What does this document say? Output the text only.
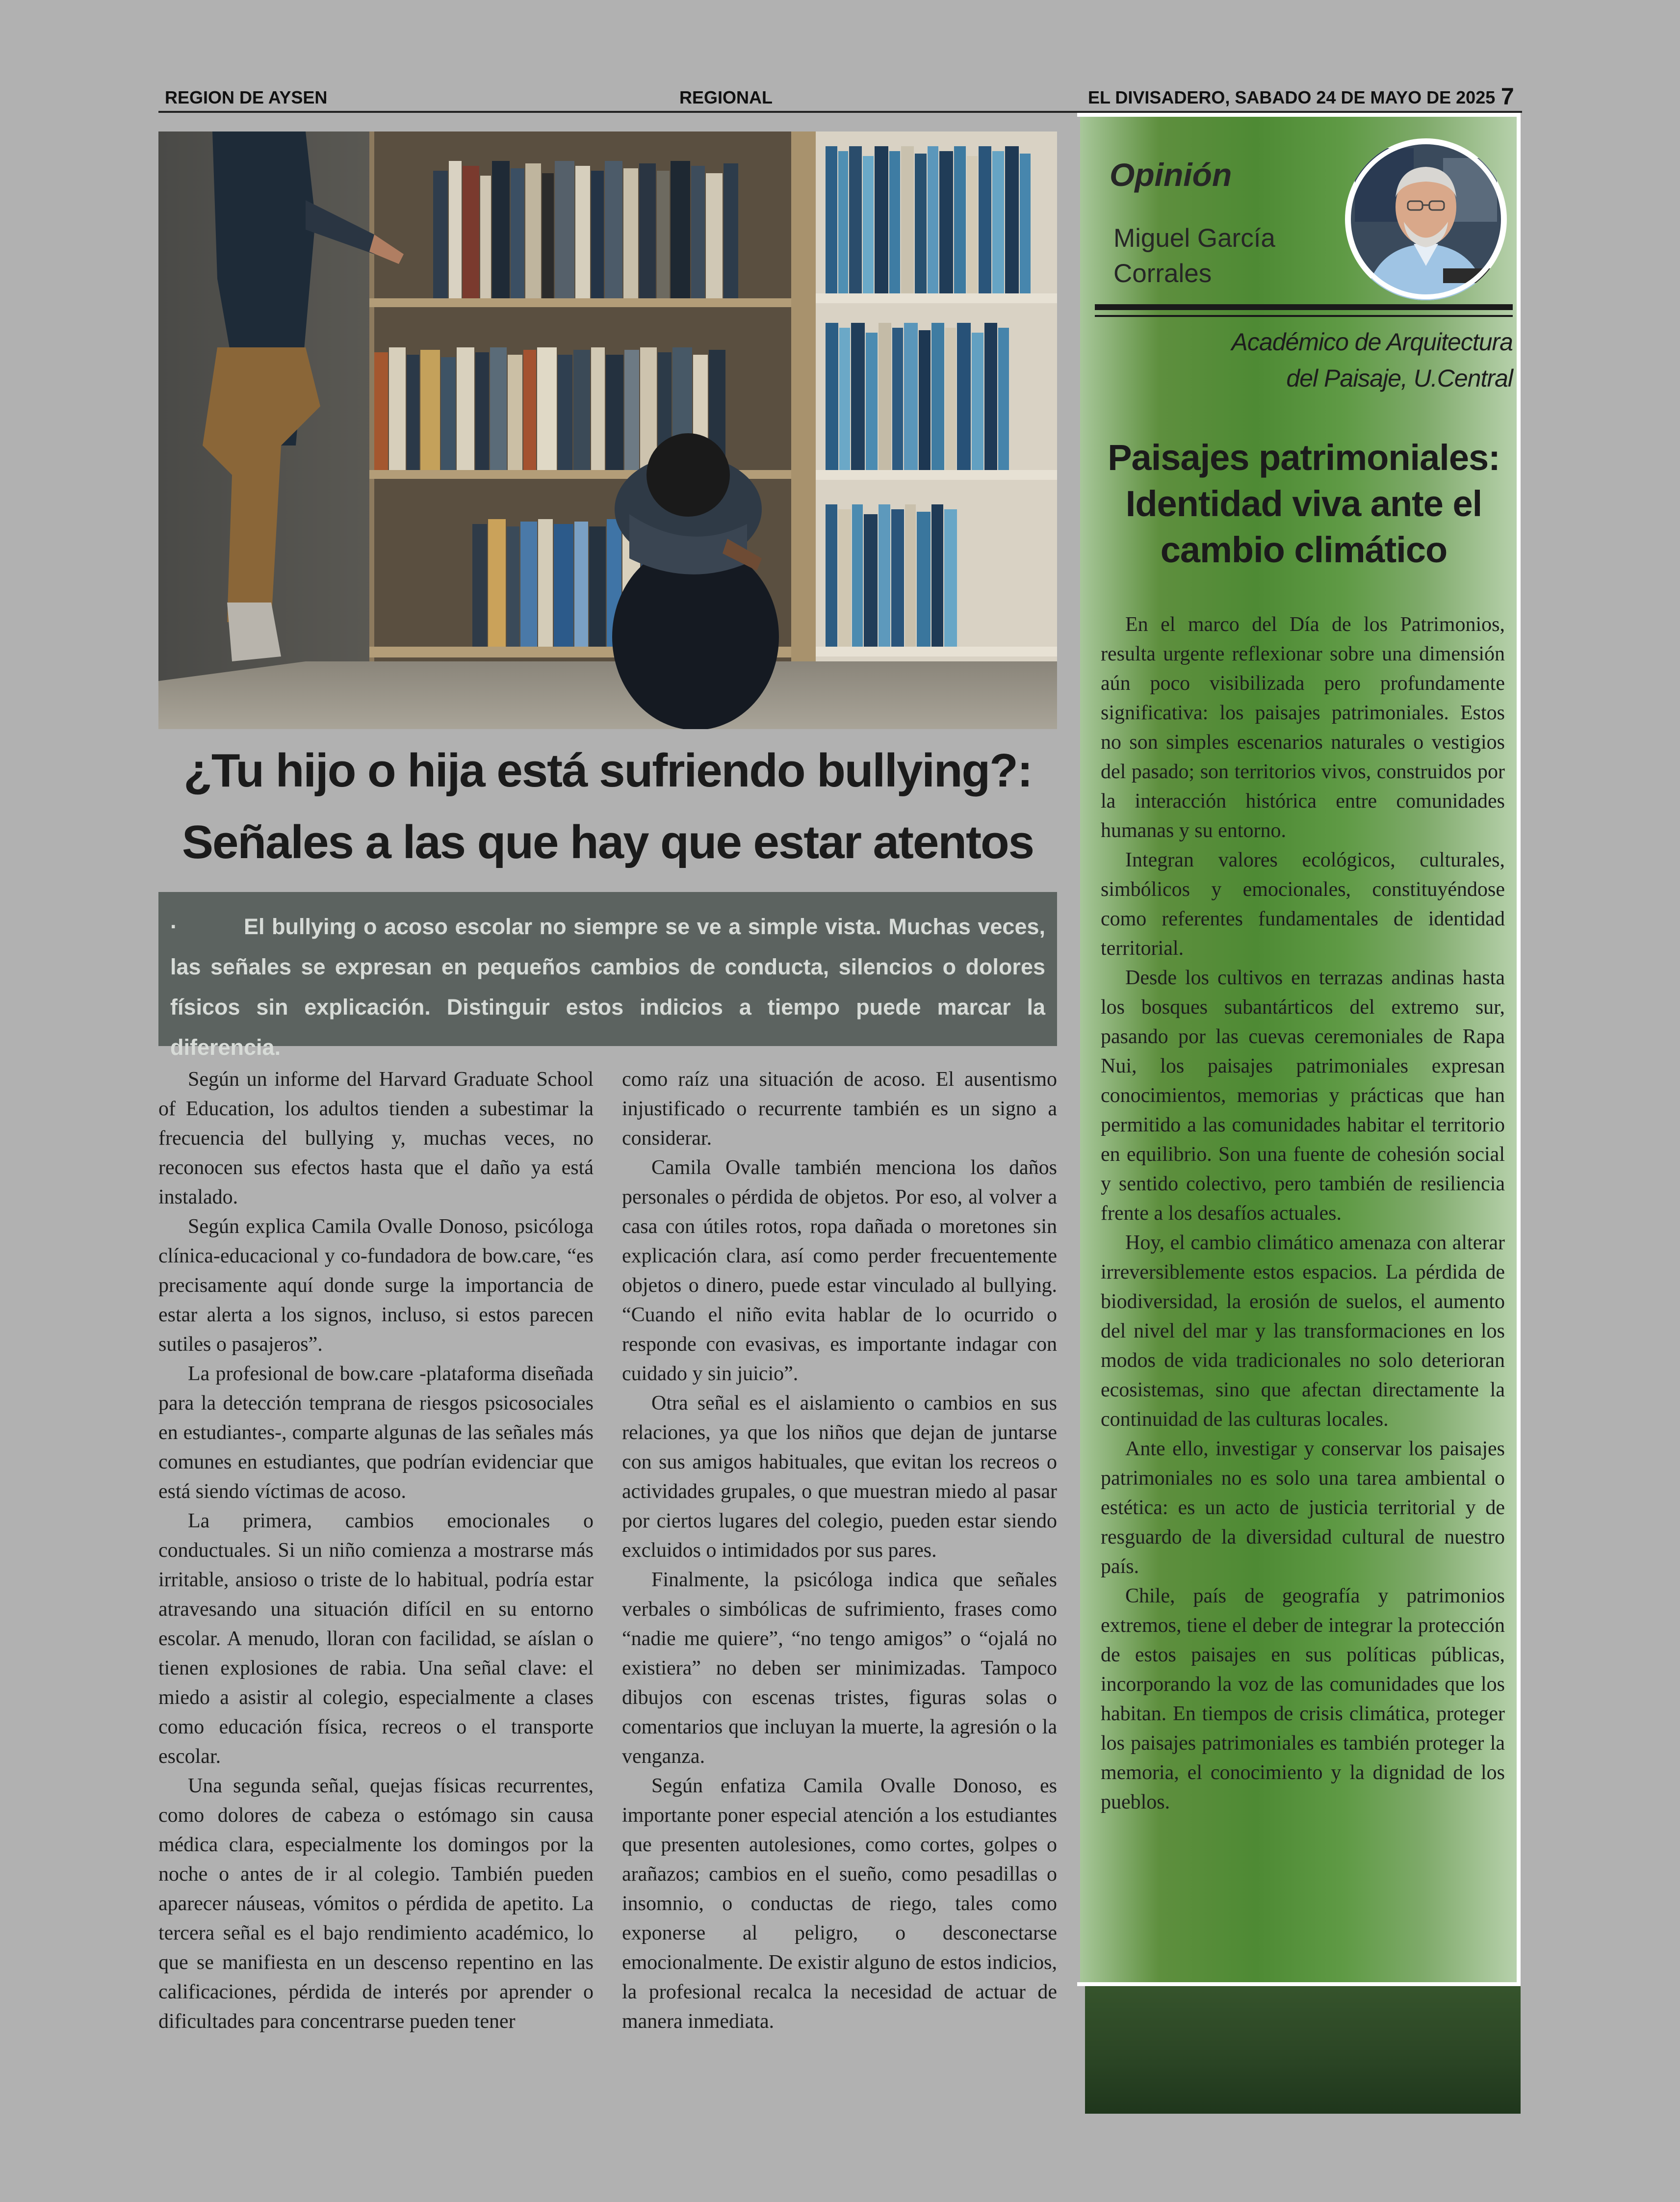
REGION DE AYSEN	REGIONAL	EL DIVISADERO, SABADO 24 DE MAYO DE 2025 7
¿Tu hijo o hija está sufriendo bullying?:
Señales a las que hay que estar atentos
·	El bullying o acoso escolar no siempre se ve a simple vista. Muchas veces, las señales se expresan en pequeños cambios de conducta, silencios o dolores físicos sin explicación. Distinguir estos indicios a tiempo puede marcar la diferencia.

Según un informe del Harvard Graduate School of Education, los adultos tienden a subestimar la frecuencia del bullying y, muchas veces, no reconocen sus efectos hasta que el daño ya está instalado.

Según explica Camila Ovalle Donoso, psicóloga clínica-educacional y co-fundadora de bow.care, “es precisamente aquí donde surge la importancia de estar alerta a los signos, incluso, si estos parecen sutiles o pasajeros”.

La profesional de bow.care -plataforma diseñada para la detección temprana de riesgos psicosociales en estudiantes-, comparte algunas de las señales más comunes en estudiantes, que podrían evidenciar que está siendo víctimas de acoso.

La primera, cambios emocionales o conductuales. Si un niño comienza a mostrarse más irritable, ansioso o triste de lo habitual, podría estar atravesando una situación difícil en su entorno escolar. A menudo, lloran con facilidad, se aíslan o tienen explosiones de rabia. Una señal clave: el miedo a asistir al colegio, especialmente a clases como educación física, recreos o el transporte escolar.

Una segunda señal, quejas físicas recurrentes, como dolores de cabeza o estómago sin causa médica clara, especialmente los domingos por la noche o antes de ir al colegio. También pueden aparecer náuseas, vómitos o pérdida de apetito. La tercera señal es el bajo rendimiento académico, lo que se manifiesta en un descenso repentino en las calificaciones, pérdida de interés por aprender o dificultades para concentrarse pueden tener

como raíz una situación de acoso. El ausentismo injustificado o recurrente también es un signo a considerar.

Camila Ovalle también menciona los daños personales o pérdida de objetos. Por eso, al volver a casa con útiles rotos, ropa dañada o moretones sin explicación clara, así como perder frecuentemente objetos o dinero, puede estar vinculado al bullying. “Cuando el niño evita hablar de lo ocurrido o responde con evasivas, es importante indagar con cuidado y sin juicio”.

Otra señal es el aislamiento o cambios en sus relaciones, ya que los niños que dejan de juntarse con sus amigos habituales, que evitan los recreos o actividades grupales, o que muestran miedo al pasar por ciertos lugares del colegio, pueden estar siendo excluidos o intimidados por sus pares.

Finalmente, la psicóloga indica que señales verbales o simbólicas de sufrimiento, frases como “nadie me quiere”, “no tengo amigos” o “ojalá no existiera” no deben ser minimizadas. Tampoco dibujos con escenas tristes, figuras solas o comentarios que incluyan la muerte, la agresión o la venganza.

Según enfatiza Camila Ovalle Donoso, es importante poner especial atención a los estudiantes que presenten autolesiones, como cortes, golpes o arañazos; cambios en el sueño, como pesadillas o insomnio, o conductas de riego, tales como exponerse al peligro, o desconectarse emocionalmente. De existir alguno de estos indicios, la profesional recalca la necesidad de actuar de manera inmediata.

Opinión
Miguel García
Corrales
Académico de Arquitectura
del Paisaje, U.Central
Paisajes patrimoniales:
Identidad viva ante el
cambio climático

En el marco del Día de los Patrimonios, resulta urgente reflexionar sobre una dimensión aún poco visibilizada pero profundamente significativa: los paisajes patrimoniales. Estos no son simples escenarios naturales o vestigios del pasado; son territorios vivos, construidos por la interacción histórica entre comunidades humanas y su entorno.

Integran valores ecológicos, culturales, simbólicos y emocionales, constituyéndose como referentes fundamentales de identidad territorial.

Desde los cultivos en terrazas andinas hasta los bosques subantárticos del extremo sur, pasando por las cuevas ceremoniales de Rapa Nui, los paisajes patrimoniales expresan conocimientos, memorias y prácticas que han permitido a las comunidades habitar el territorio en equilibrio. Son una fuente de cohesión social y sentido colectivo, pero también de resiliencia frente a los desafíos actuales.

Hoy, el cambio climático amenaza con alterar irreversiblemente estos espacios. La pérdida de biodiversidad, la erosión de suelos, el aumento del nivel del mar y las transformaciones en los modos de vida tradicionales no solo deterioran ecosistemas, sino que afectan directamente la continuidad de las culturas locales.

Ante ello, investigar y conservar los paisajes patrimoniales no es solo una tarea ambiental o estética: es un acto de justicia territorial y de resguardo de la diversidad cultural de nuestro país.

Chile, país de geografía y patrimonios extremos, tiene el deber de integrar la protección de estos paisajes en sus políticas públicas, incorporando la voz de las comunidades que los habitan. En tiempos de crisis climática, proteger los paisajes patrimoniales es también proteger la memoria, el conocimiento y la dignidad de los pueblos.
